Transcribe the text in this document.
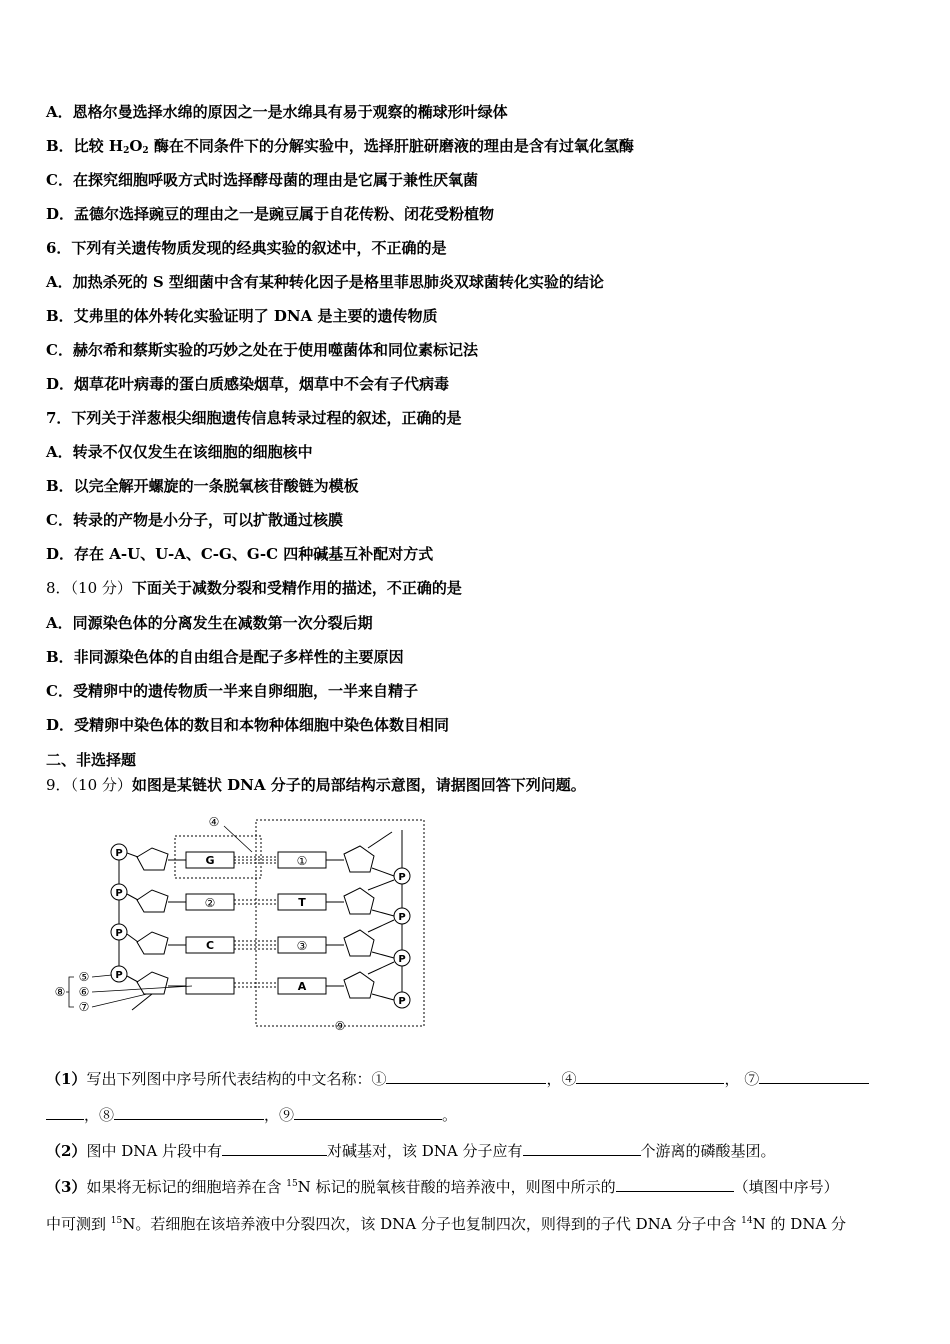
A．恩格尔曼选择水绵的原因之一是水绵具有易于观察的椭球形叶绿体
B．比较 $H_2O_2$ 酶在不同条件下的分解实验中，选择肝脏研磨液的理由是含有过氧化氢酶
C．在探究细胞呼吸方式时选择酵母菌的理由是它属于兼性厌氧菌
D．孟德尔选择豌豆的理由之一是豌豆属于自花传粉、闭花受粉植物
6．下列有关遗传物质发现的经典实验的叙述中，不正确的是
A．加热杀死的 S 型细菌中含有某种转化因子是格里菲思肺炎双球菌转化实验的结论
B．艾弗里的体外转化实验证明了 DNA 是主要的遗传物质
C．赫尔希和蔡斯实验的巧妙之处在于使用噬菌体和同位素标记法
D．烟草花叶病毒的蛋白质感染烟草，烟草中不会有子代病毒
7．下列关于洋葱根尖细胞遗传信息转录过程的叙述，正确的是
A．转录不仅仅发生在该细胞的细胞核中
B．以完全解开螺旋的一条脱氧核苷酸链为模板
C．转录的产物是小分子，可以扩散通过核膜
D．存在 A-U、U-A、C-G、G-C 四种碱基互补配对方式
8．（10 分）下面关于减数分裂和受精作用的描述，不正确的是
A．同源染色体的分离发生在减数第一次分裂后期
B．非同源染色体的自由组合是配子多样性的主要原因
C．受精卵中的遗传物质一半来自卵细胞，一半来自精子
D．受精卵中染色体的数目和本物种体细胞中染色体数目相同
二、非选择题
9．（10 分）如图是某链状 DNA 分子的局部结构示意图，请据图回答下列问题。
P
G	①
P
P
②	T
P
P
C	③
P
P
A
P
④
⑤
⑥
⑦
⑧
⑨
（1）写出下列图中序号所代表结构的中文名称：①	，④	， ⑦
，⑧	，⑨	。
（2）图中 DNA 片段中有	对碱基对，该 DNA 分子应有	个游离的磷酸基团。
（3）如果将无标记的细胞培养在含 $^{15}$N 标记的脱氧核苷酸的培养液中，则图中所示的	（填图中序号）
中可测到 $^{15}$N。若细胞在该培养液中分裂四次，该 DNA 分子也复制四次，则得到的子代 DNA 分子中含 $^{14}$N 的 DNA 分
